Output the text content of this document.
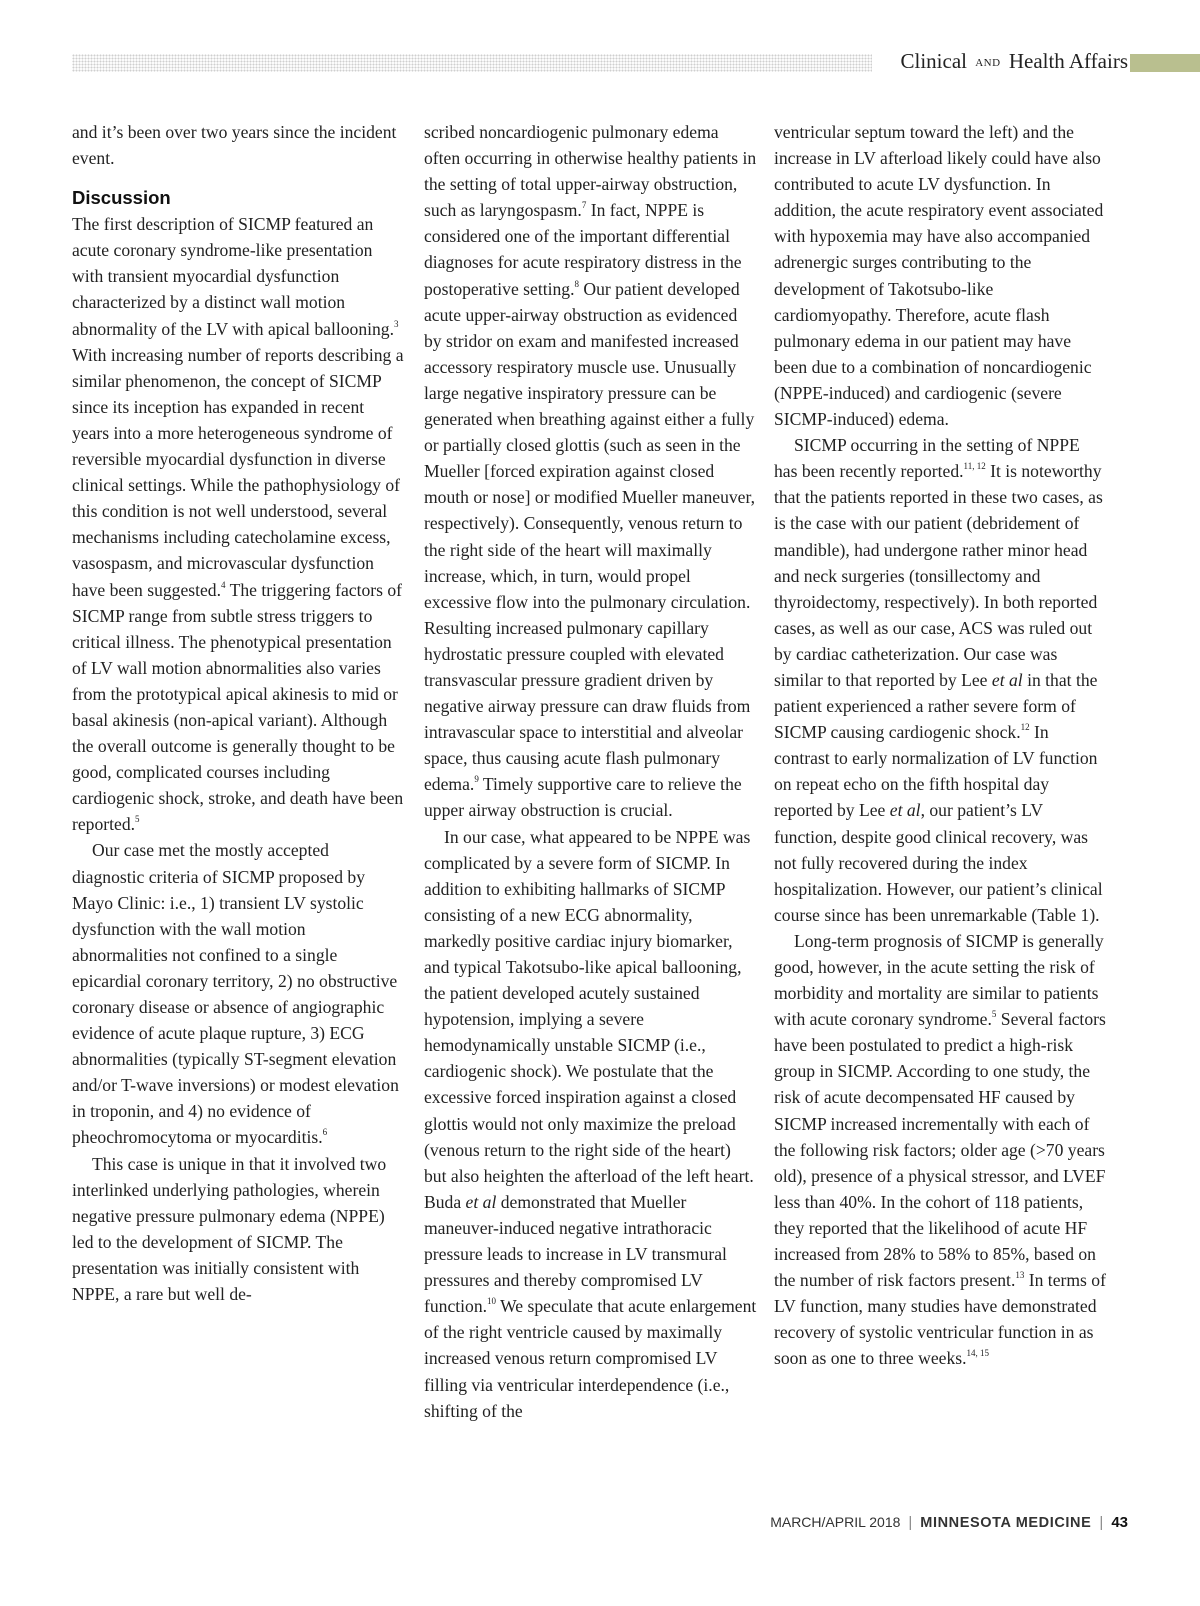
Clinical AND Health Affairs

and it’s been over two years since the incident event.

Discussion

The first description of SICMP featured an acute coronary syndrome-like presentation with transient myocardial dysfunction characterized by a distinct wall motion abnormality of the LV with apical ballooning.$^3$ With increasing number of reports describing a similar phenomenon, the concept of SICMP since its inception has expanded in recent years into a more heterogeneous syndrome of reversible myocardial dysfunction in diverse clinical settings. While the pathophysiology of this condition is not well understood, several mechanisms including catecholamine excess, vasospasm, and microvascular dysfunction have been suggested.$^4$ The triggering factors of SICMP range from subtle stress triggers to critical illness. The phenotypical presentation of LV wall motion abnormalities also varies from the prototypical apical akinesis to mid or basal akinesis (non-apical variant). Although the overall outcome is generally thought to be good, complicated courses including cardiogenic shock, stroke, and death have been reported.$^5$

Our case met the mostly accepted diagnostic criteria of SICMP proposed by Mayo Clinic: i.e., 1) transient LV systolic dysfunction with the wall motion abnormalities not confined to a single epicardial coronary territory, 2) no obstructive coronary disease or absence of angiographic evidence of acute plaque rupture, 3) ECG abnormalities (typically ST-segment elevation and/or T-wave inversions) or modest elevation in troponin, and 4) no evidence of pheochromocytoma or myocarditis.$^6$

This case is unique in that it involved two interlinked underlying pathologies, wherein negative pressure pulmonary edema (NPPE) led to the development of SICMP. The presentation was initially consistent with NPPE, a rare but well de-

scribed noncardiogenic pulmonary edema often occurring in otherwise healthy patients in the setting of total upper-airway obstruction, such as laryngospasm.$^7$ In fact, NPPE is considered one of the important differential diagnoses for acute respiratory distress in the postoperative setting.$^8$ Our patient developed acute upper-airway obstruction as evidenced by stridor on exam and manifested increased accessory respiratory muscle use. Unusually large negative inspiratory pressure can be generated when breathing against either a fully or partially closed glottis (such as seen in the Mueller [forced expiration against closed mouth or nose] or modified Mueller maneuver, respectively). Consequently, venous return to the right side of the heart will maximally increase, which, in turn, would propel excessive flow into the pulmonary circulation. Resulting increased pulmonary capillary hydrostatic pressure coupled with elevated transvascular pressure gradient driven by negative airway pressure can draw fluids from intravascular space to interstitial and alveolar space, thus causing acute flash pulmonary edema.$^9$ Timely supportive care to relieve the upper airway obstruction is crucial.

In our case, what appeared to be NPPE was complicated by a severe form of SICMP. In addition to exhibiting hallmarks of SICMP consisting of a new ECG abnormality, markedly positive cardiac injury biomarker, and typical Takotsubo-like apical ballooning, the patient developed acutely sustained hypotension, implying a severe hemodynamically unstable SICMP (i.e., cardiogenic shock). We postulate that the excessive forced inspiration against a closed glottis would not only maximize the preload (venous return to the right side of the heart) but also heighten the afterload of the left heart. Buda et al demonstrated that Mueller maneuver-induced negative intrathoracic pressure leads to increase in LV transmural pressures and thereby compromised LV function.$^{10}$ We speculate that acute enlargement of the right ventricle caused by maximally increased venous return compromised LV filling via ventricular interdependence (i.e., shifting of the

ventricular septum toward the left) and the increase in LV afterload likely could have also contributed to acute LV dysfunction. In addition, the acute respiratory event associated with hypoxemia may have also accompanied adrenergic surges contributing to the development of Takotsubo-like cardiomyopathy. Therefore, acute flash pulmonary edema in our patient may have been due to a combination of noncardiogenic (NPPE-induced) and cardiogenic (severe SICMP-induced) edema.

SICMP occurring in the setting of NPPE has been recently reported.$^{11, 12}$ It is noteworthy that the patients reported in these two cases, as is the case with our patient (debridement of mandible), had undergone rather minor head and neck surgeries (tonsillectomy and thyroidectomy, respectively). In both reported cases, as well as our case, ACS was ruled out by cardiac catheterization. Our case was similar to that reported by Lee et al in that the patient experienced a rather severe form of SICMP causing cardiogenic shock.$^{12}$ In contrast to early normalization of LV function on repeat echo on the fifth hospital day reported by Lee et al, our patient’s LV function, despite good clinical recovery, was not fully recovered during the index hospitalization. However, our patient’s clinical course since has been unremarkable (Table 1).

Long-term prognosis of SICMP is generally good, however, in the acute setting the risk of morbidity and mortality are similar to patients with acute coronary syndrome.$^5$ Several factors have been postulated to predict a high-risk group in SICMP. According to one study, the risk of acute decompensated HF caused by SICMP increased incrementally with each of the following risk factors; older age (>70 years old), presence of a physical stressor, and LVEF less than 40%. In the cohort of 118 patients, they reported that the likelihood of acute HF increased from 28% to 58% to 85%, based on the number of risk factors present.$^{13}$ In terms of LV function, many studies have demonstrated recovery of systolic ventricular function in as soon as one to three weeks.$^{14, 15}$

MARCH/APRIL 2018 | MINNESOTA MEDICINE | 43
